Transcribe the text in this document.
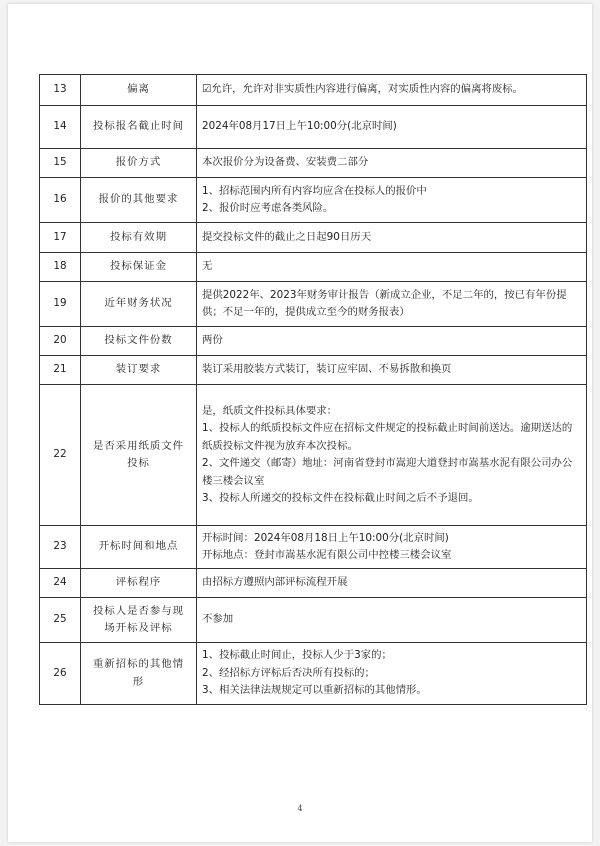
13	偏离	☑允许，允许对非实质性内容进行偏离，对实质性内容的偏离将废标。

14	投标报名截止时间	2024年08月17日上午10:00分(北京时间)

15	报价方式	本次报价分为设备费、安装费二部分

16	报价的其他要求	1、招标范围内所有内容均应含在投标人的报价中
2、报价时应考虑各类风险。

17	投标有效期	提交投标文件的截止之日起90日历天

18	投标保证金	无

19	近年财务状况	提供2022年、2023年财务审计报告（新成立企业，不足二年的，按已有年份提供；不足一年的，提供成立至今的财务报表）

20	投标文件份数	两份

21	装订要求	装订采用胶装方式装订，装订应牢固、不易拆散和换页

22	是否采用纸质文件投标	是，纸质文件投标具体要求：
1、投标人的纸质投标文件应在招标文件规定的投标截止时间前送达。逾期送达的纸质投标文件视为放弃本次投标。
2、文件递交（邮寄）地址：河南省登封市嵩迎大道登封市嵩基水泥有限公司办公楼三楼会议室
3、投标人所递交的投标文件在投标截止时间之后不予退回。

23	开标时间和地点	开标时间：2024年08月18日上午10:00分(北京时间)
开标地点：登封市嵩基水泥有限公司中控楼三楼会议室

24	评标程序	由招标方遵照内部评标流程开展

25	投标人是否参与现场开标及评标	不参加

26	重新招标的其他情形	1、投标截止时间止，投标人少于3家的；
2、经招标方评标后否决所有投标的；
3、相关法律法规规定可以重新招标的其他情形。
4
